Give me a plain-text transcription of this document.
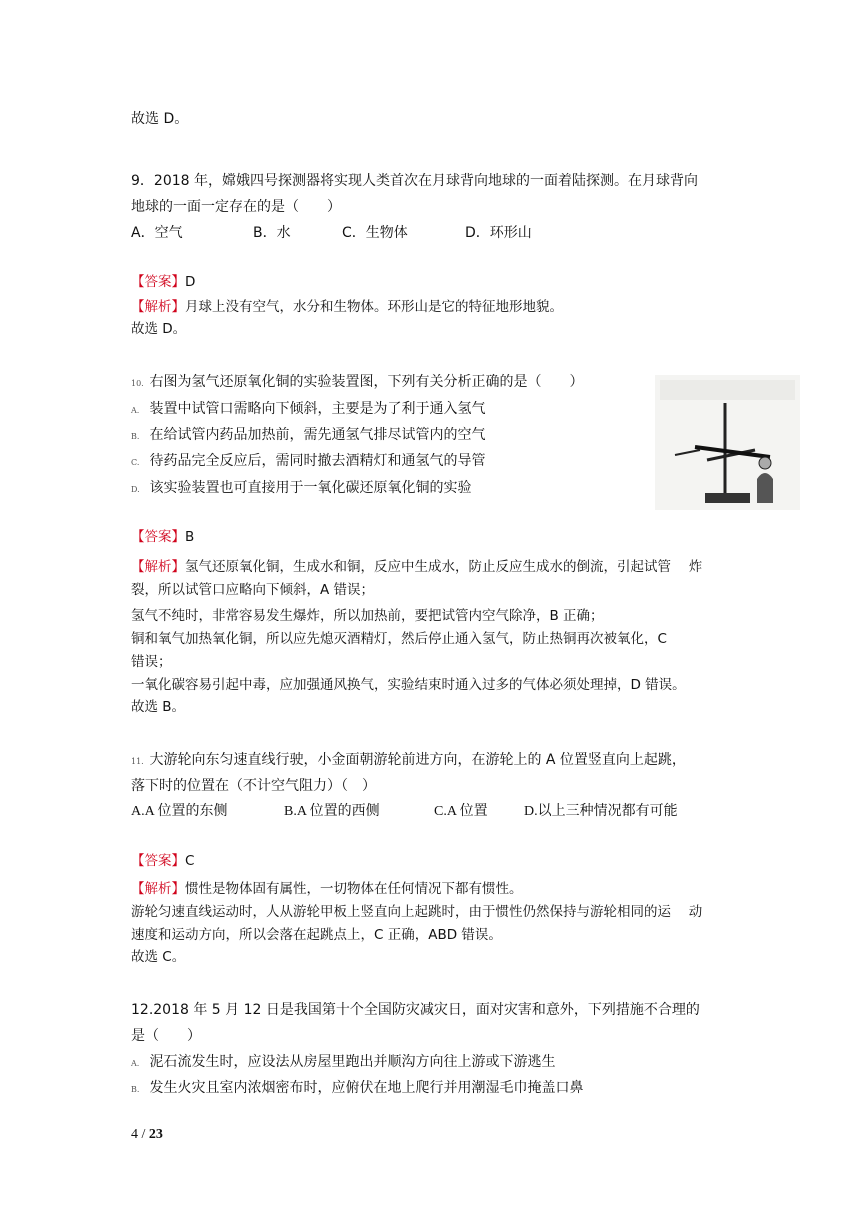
故选 D。
9．2018 年，嫦娥四号探测器将实现人类首次在月球背向地球的一面着陆探测。在月球背向
地球的一面一定存在的是（　　）
A．空气	B．水	C．生物体	D．环形山
【答案】D
【解析】月球上没有空气，水分和生物体。环形山是它的特征地形地貌。
故选 D。
10. 右图为氢气还原氧化铜的实验装置图，下列有关分析正确的是（　　）
A. 装置中试管口需略向下倾斜，主要是为了利于通入氢气
B. 在给试管内药品加热前，需先通氢气排尽试管内的空气
C. 待药品完全反应后，需同时撤去酒精灯和通氢气的导管
D. 该实验装置也可直接用于一氧化碳还原氧化铜的实验
【答案】B
【解析】氢气还原氧化铜，生成水和铜，反应中生成水，防止反应生成水的倒流，引起试管　 炸
裂，所以试管口应略向下倾斜，A 错误；
氢气不纯时，非常容易发生爆炸，所以加热前，要把试管内空气除净，B 正确；
铜和氧气加热氧化铜，所以应先熄灭酒精灯，然后停止通入氢气，防止热铜再次被氧化，C
错误；
一氧化碳容易引起中毒，应加强通风换气，实验结束时通入过多的气体必须处理掉，D 错误。
故选 B。
11. 大游轮向东匀速直线行驶，小金面朝游轮前进方向，在游轮上的 A 位置竖直向上起跳，
落下时的位置在（不计空气阻力）（　）
A.A 位置的东侧	B.A 位置的西侧	C.A 位置	D.以上三种情况都有可能
【答案】C
【解析】惯性是物体固有属性，一切物体在任何情况下都有惯性。
游轮匀速直线运动时，人从游轮甲板上竖直向上起跳时，由于惯性仍然保持与游轮相同的运　 动
速度和运动方向，所以会落在起跳点上，C 正确，ABD 错误。
故选 C。
12.2018 年 5 月 12 日是我国第十个全国防灾减灾日，面对灾害和意外，下列措施不合理的
是（　　）
A. 泥石流发生时，应设法从房屋里跑出并顺沟方向往上游或下游逃生
B. 发生火灾且室内浓烟密布时，应俯伏在地上爬行并用潮湿毛巾掩盖口鼻
4 / 23
